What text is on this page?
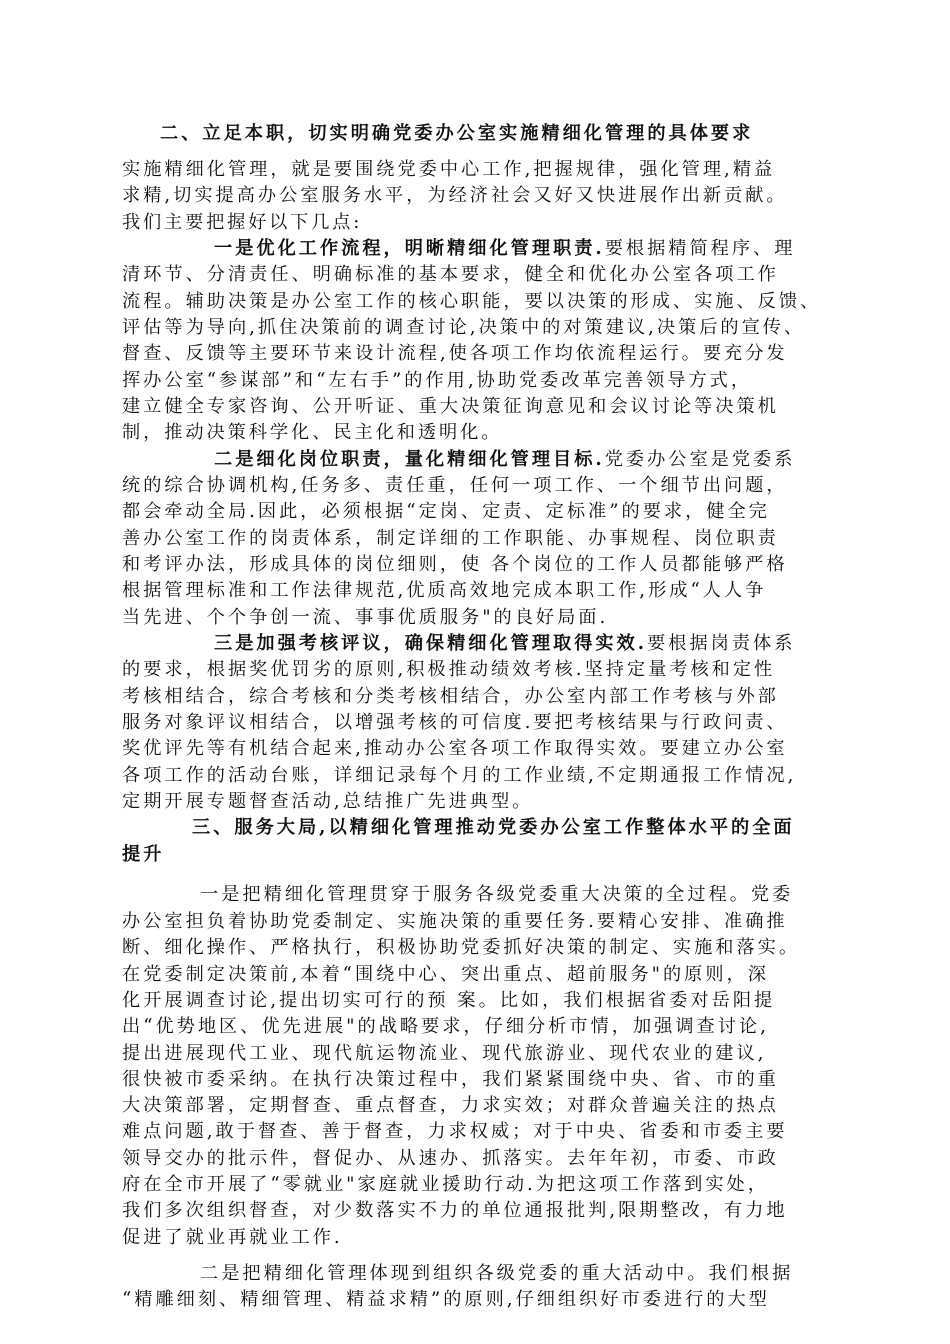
二、立足本职，切实明确党委办公室实施精细化管理的具体要求
实施精细化管理，就是要围绕党委中心工作,把握规律，强化管理,精益
求精,切实提高办公室服务水平，为经济社会又好又快进展作出新贡献。
我们主要把握好以下几点:
一是优化工作流程，明晰精细化管理职责.要根据精简程序、理
清环节、分清责任、明确标准的基本要求，健全和优化办公室各项工作
流程。辅助决策是办公室工作的核心职能，要以决策的形成、实施、反馈、
评估等为导向,抓住决策前的调查讨论,决策中的对策建议,决策后的宣传、
督查、反馈等主要环节来设计流程,使各项工作均依流程运行。要充分发
挥办公室“参谋部”和“左右手”的作用,协助党委改革完善领导方式，
建立健全专家咨询、公开听证、重大决策征询意见和会议讨论等决策机
制，推动决策科学化、民主化和透明化。
二是细化岗位职责，量化精细化管理目标.党委办公室是党委系
统的综合协调机构,任务多、责任重，任何一项工作、一个细节出问题，
都会牵动全局.因此，必须根据“定岗、定责、定标准”的要求，健全完
善办公室工作的岗责体系，制定详细的工作职能、办事规程、岗位职责
和考评办法，形成具体的岗位细则，使 各个岗位的工作人员都能够严格
根据管理标准和工作法律规范,优质高效地完成本职工作,形成“人人争
当先进、个个争创一流、事事优质服务"的良好局面.
三是加强考核评议，确保精细化管理取得实效.要根据岗责体系
的要求，根据奖优罚劣的原则,积极推动绩效考核.坚持定量考核和定性
考核相结合，综合考核和分类考核相结合，办公室内部工作考核与外部
服务对象评议相结合，以增强考核的可信度.要把考核结果与行政问责、
奖优评先等有机结合起来,推动办公室各项工作取得实效。要建立办公室
各项工作的活动台账，详细记录每个月的工作业绩,不定期通报工作情况,
定期开展专题督查活动,总结推广先进典型。
三、服务大局,以精细化管理推动党委办公室工作整体水平的全面
提升
一是把精细化管理贯穿于服务各级党委重大决策的全过程。党委
办公室担负着协助党委制定、实施决策的重要任务.要精心安排、准确推
断、细化操作、严格执行，积极协助党委抓好决策的制定、实施和落实。
在党委制定决策前,本着“围绕中心、突出重点、超前服务"的原则，深
化开展调查讨论,提出切实可行的预 案。比如，我们根据省委对岳阳提
出“优势地区、优先进展"的战略要求，仔细分析市情，加强调查讨论,
提出进展现代工业、现代航运物流业、现代旅游业、现代农业的建议,
很快被市委采纳。在执行决策过程中，我们紧紧围绕中央、省、市的重
大决策部署，定期督查、重点督查，力求实效；对群众普遍关注的热点
难点问题,敢于督查、善于督查，力求权威；对于中央、省委和市委主要
领导交办的批示件，督促办、从速办、抓落实。去年年初，市委、市政
府在全市开展了“零就业"家庭就业援助行动.为把这项工作落到实处，
我们多次组织督查，对少数落实不力的单位通报批判,限期整改，有力地
促进了就业再就业工作.
二是把精细化管理体现到组织各级党委的重大活动中。我们根据
“精雕细刻、精细管理、精益求精”的原则,仔细组织好市委进行的大型
